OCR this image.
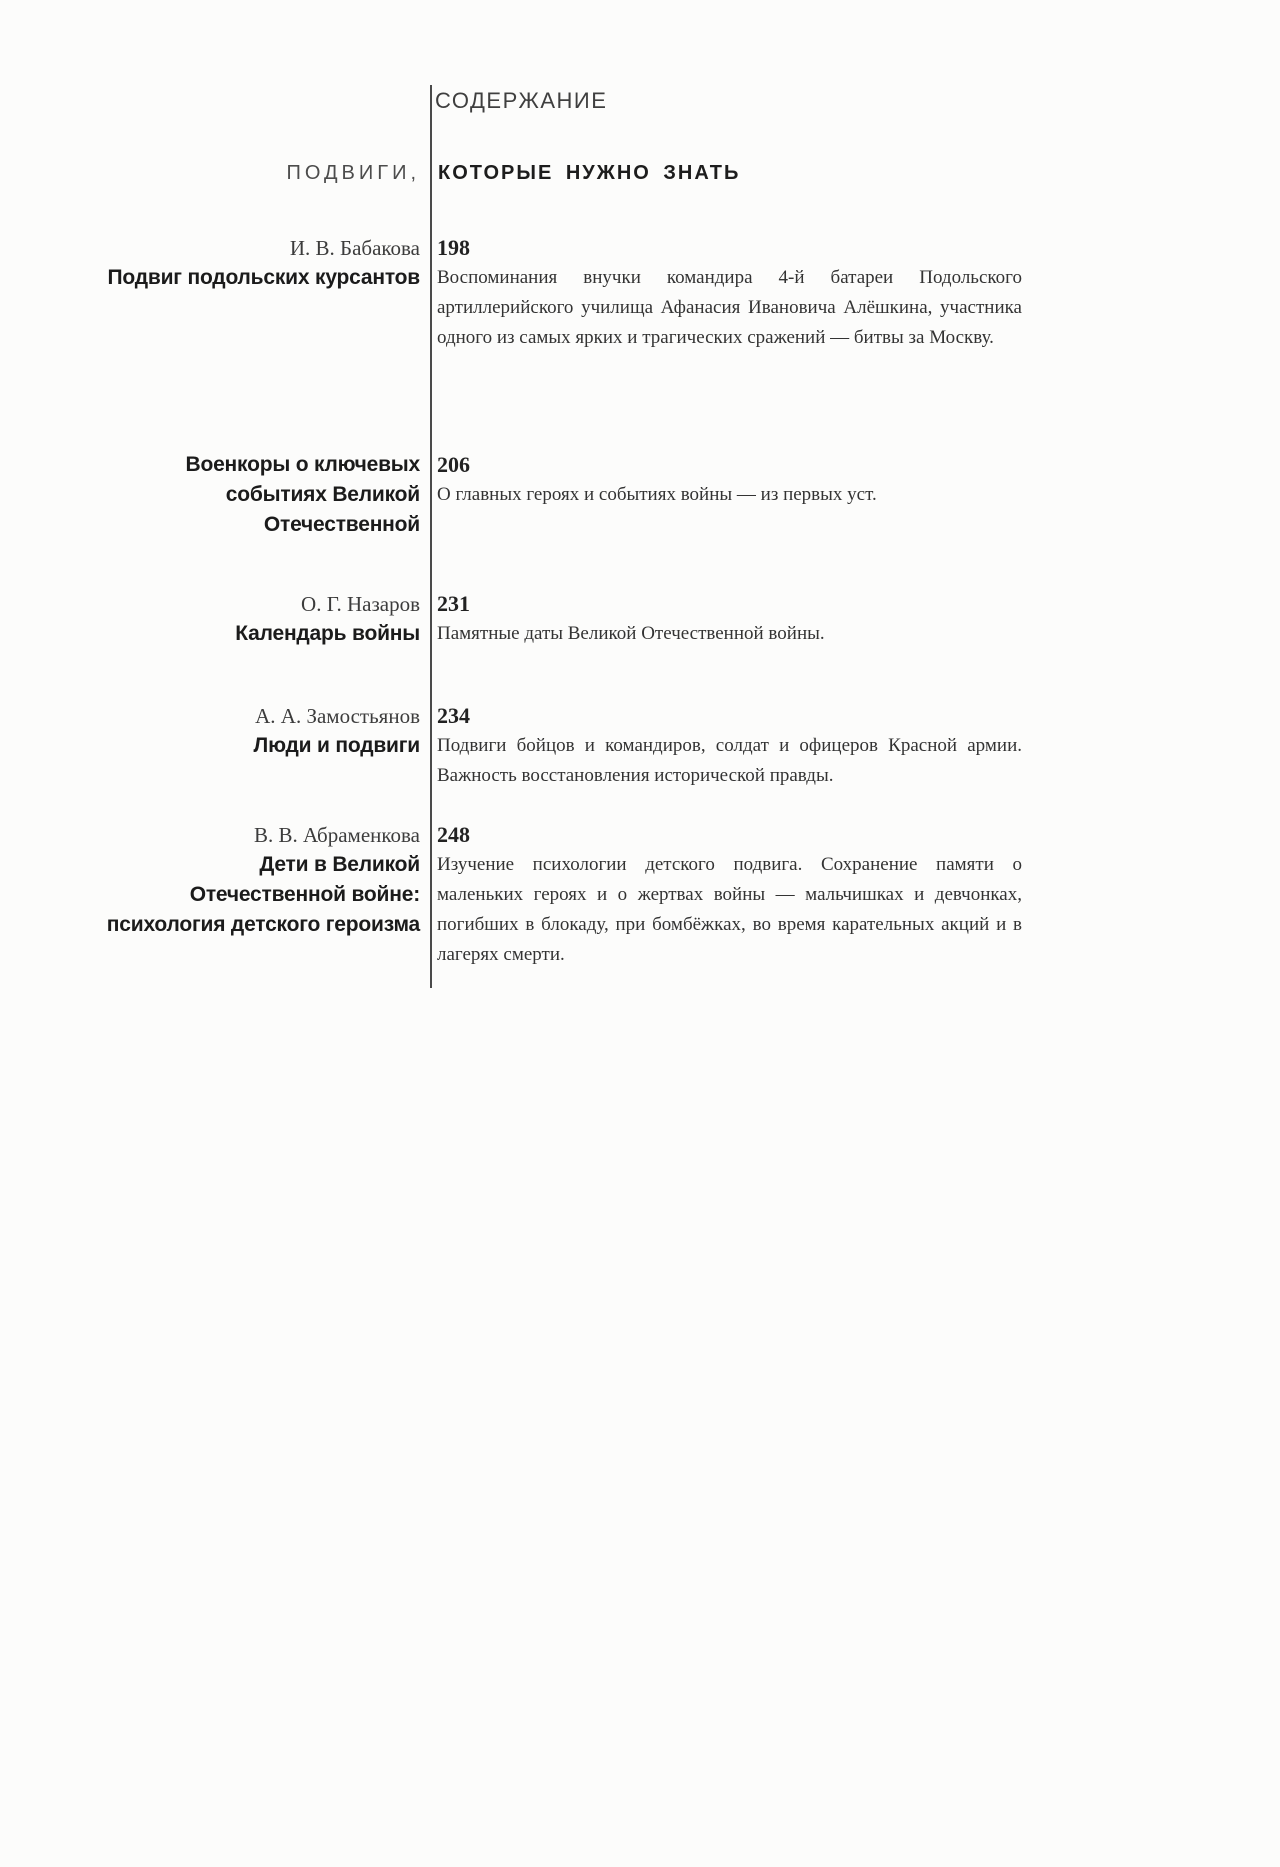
СОДЕРЖАНИЕ
ПОДВИГИ, КОТОРЫЕ НУЖНО ЗНАТЬ
И. В. Бабакова
Подвиг подольских курсантов
198
Воспоминания внучки командира 4-й батареи Подольского артиллерийского училища Афанасия Ивановича Алёшкина, участника одного из самых ярких и трагических сражений — битвы за Москву.
Военкоры о ключевых
событиях Великой
Отечественной
206
О главных героях и событиях войны — из первых уст.
О. Г. Назаров
Календарь войны
231
Памятные даты Великой Отечественной войны.
А. А. Замостьянов
Люди и подвиги
234
Подвиги бойцов и командиров, солдат и офицеров Красной армии. Важность восстановления исторической правды.
В. В. Абраменкова
Дети в Великой
Отечественной войне:
психология детского героизма
248
Изучение психологии детского подвига. Сохранение памяти о маленьких героях и о жертвах войны — мальчишках и девчонках, погибших в блокаду, при бомбёжках, во время карательных акций и в лагерях смерти.
